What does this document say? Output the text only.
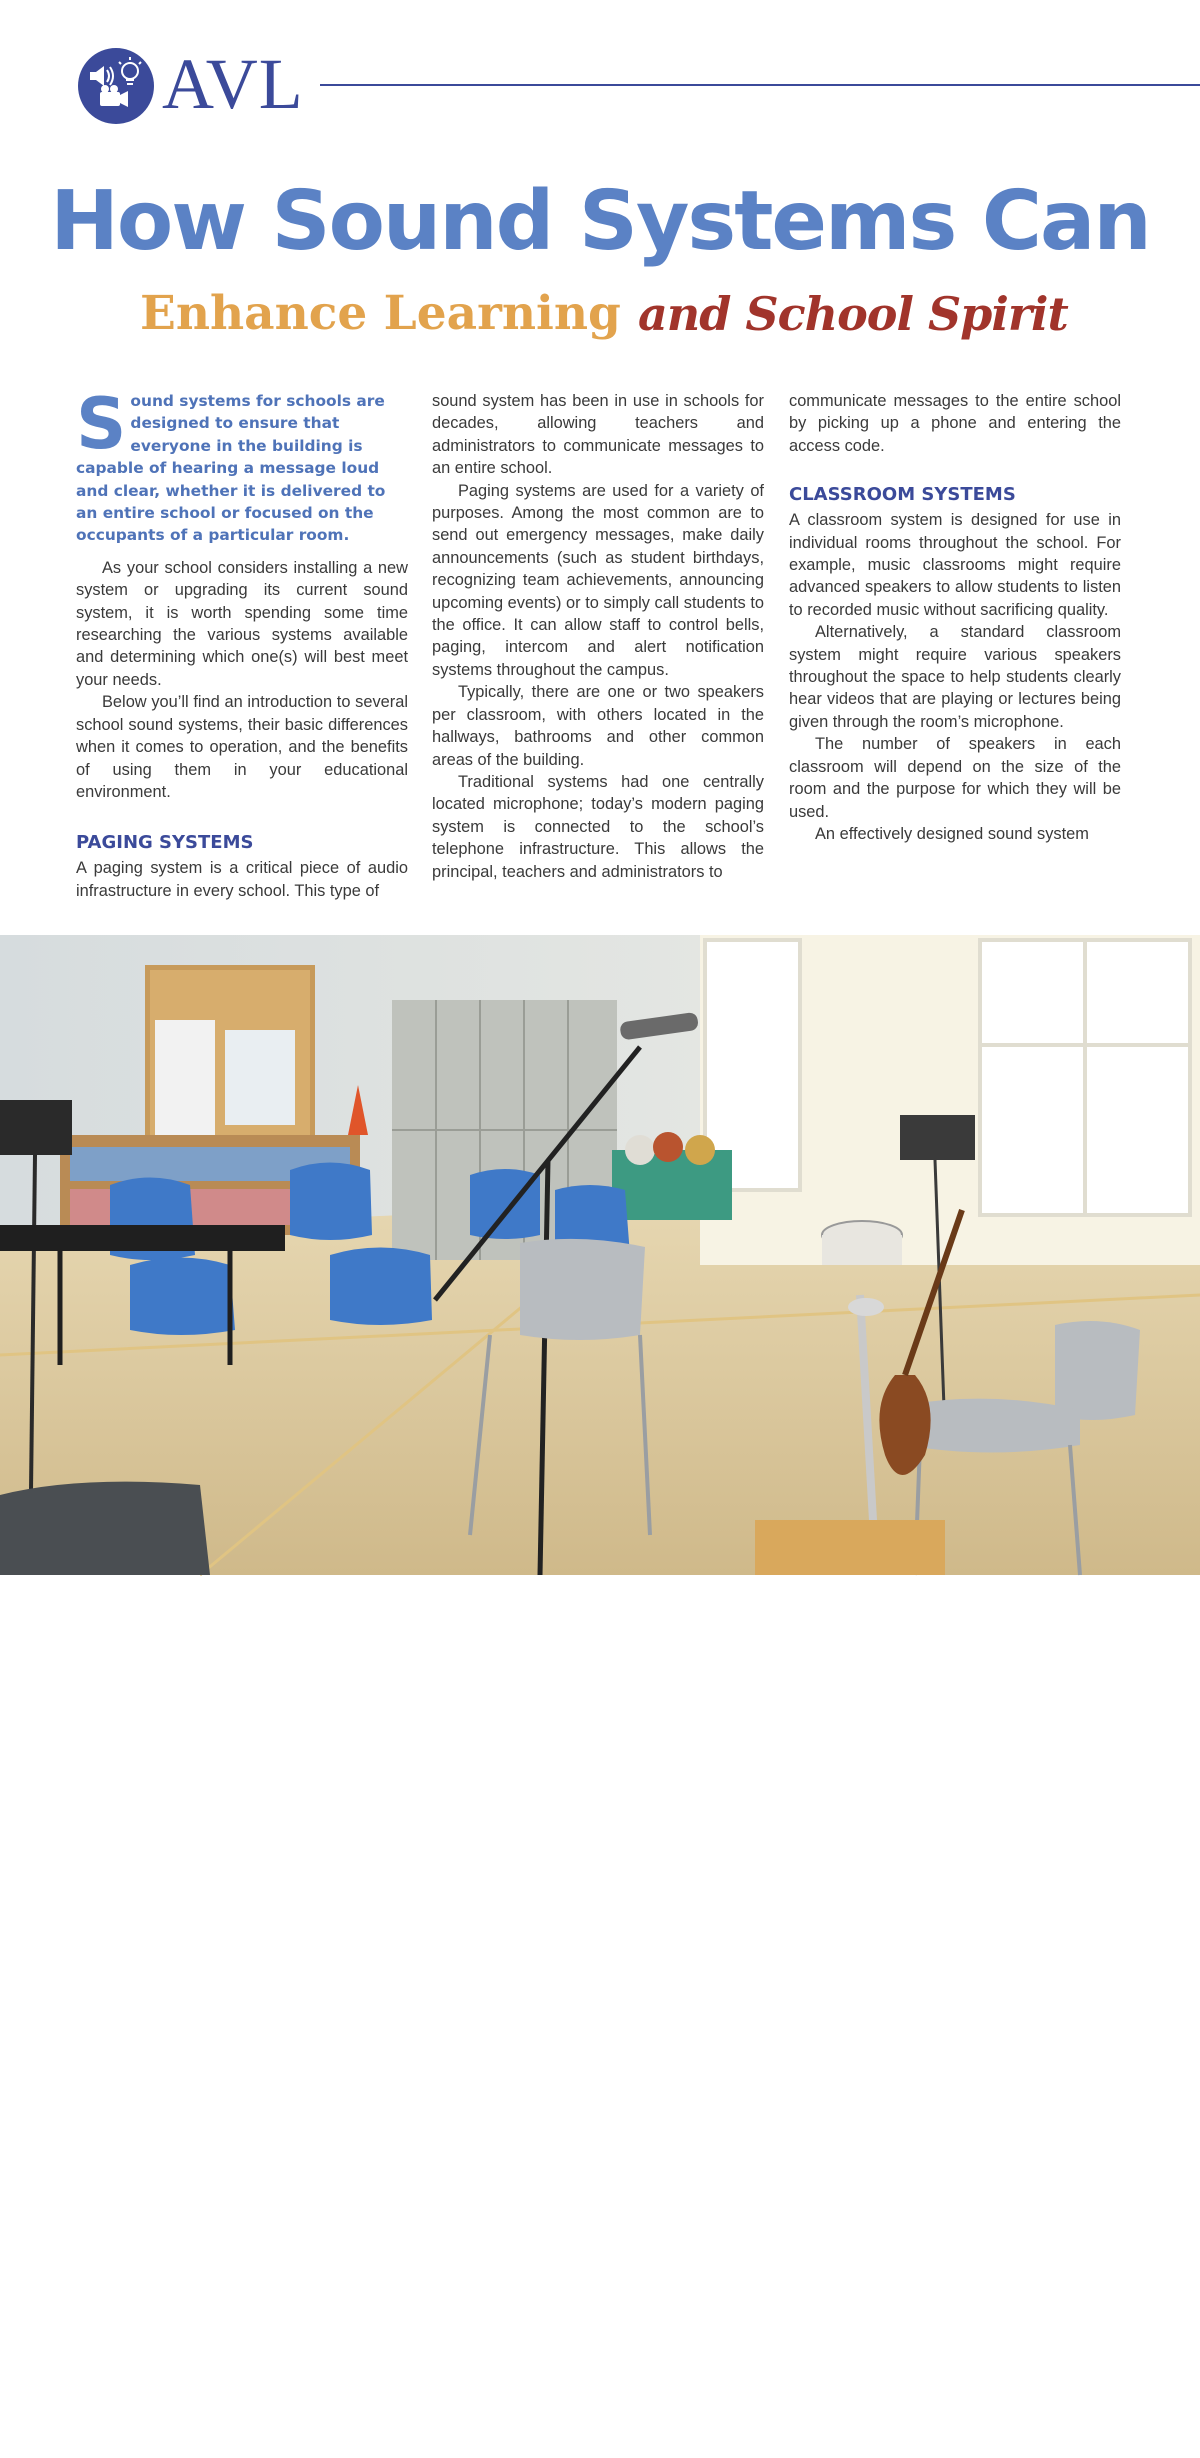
AVL
How Sound Systems Can
Enhance Learning and School Spirit

Sound systems for schools are designed to ensure that everyone in the building is capable of hearing a message loud and clear, whether it is delivered to an entire school or focused on the occupants of a particular room.

As your school considers installing a new system or upgrading its current sound system, it is worth spending some time researching the various systems available and determining which one(s) will best meet your needs.

Below you’ll find an introduction to several school sound systems, their basic differences when it comes to operation, and the benefits of using them in your educational environment.

PAGING SYSTEMS

A paging system is a critical piece of audio infrastructure in every school. This type of

sound system has been in use in schools for decades, allowing teachers and administrators to communicate messages to an entire school.

Paging systems are used for a variety of purposes. Among the most common are to send out emergency messages, make daily announcements (such as student birthdays, recognizing team achievements, announcing upcoming events) or to simply call students to the office. It can allow staff to control bells, paging, intercom and alert notification systems throughout the campus.

Typically, there are one or two speakers per classroom, with others located in the hallways, bathrooms and other common areas of the building.

Traditional systems had one centrally located microphone; today’s modern paging system is connected to the school’s telephone infrastructure. This allows the principal, teachers and administrators to

communicate messages to the entire school by picking up a phone and entering the access code.

CLASSROOM SYSTEMS

A classroom system is designed for use in individual rooms throughout the school. For example, music classrooms might require advanced speakers to allow students to listen to recorded music without sacrificing quality.

Alternatively, a standard classroom system might require various speakers throughout the space to help students clearly hear videos that are playing or lectures being given through the room’s microphone.

The number of speakers in each classroom will depend on the size of the room and the purpose for which they will be used.

An effectively designed sound system

30 September/October 2022 | cspmag.com
